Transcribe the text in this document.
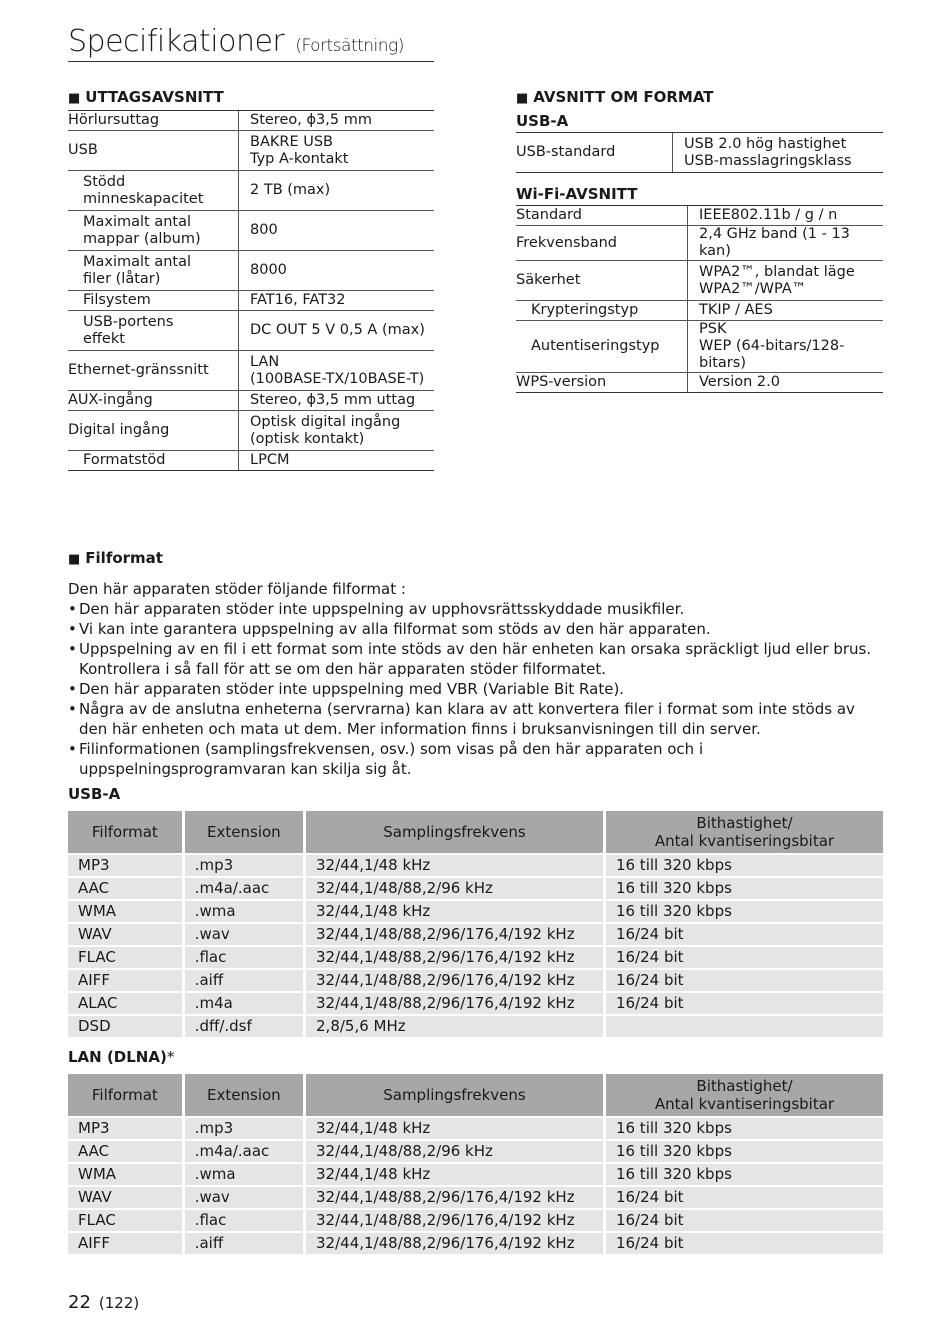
Specifikationer (Fortsättning)
■ UTTAGSAVSNITT
Hörlursuttag	Stereo, ϕ3,5 mm
USB	BAKRE USB
Typ A-kontakt
Stödd
minneskapacitet	2 TB (max)
Maximalt antal
mappar (album)	800
Maximalt antal
filer (låtar)	8000
Filsystem	FAT16, FAT32
USB-portens
effekt	DC OUT 5 V 0,5 A (max)
Ethernet-gränssnitt	LAN
(100BASE-TX/10BASE-T)
AUX-ingång	Stereo, ϕ3,5 mm uttag
Digital ingång	Optisk digital ingång
(optisk kontakt)
Formatstöd	LPCM
■ AVSNITT OM FORMAT
USB-A
USB-standard	USB 2.0 hög hastighet
USB-masslagringsklass
Wi-Fi-AVSNITT
Standard	IEEE802.11b / g / n
Frekvensband	2,4 GHz band (1 - 13 kan)
Säkerhet	WPA2™, blandat läge
WPA2™/WPA™
Krypteringstyp	TKIP / AES
Autentiseringstyp	PSK
WEP (64-bitars/128-bitars)
WPS-version	Version 2.0
■ Filformat
Den här apparaten stöder följande filformat :
• Den här apparaten stöder inte uppspelning av upphovsrättsskyddade musikfiler.
• Vi kan inte garantera uppspelning av alla filformat som stöds av den här apparaten.
• Uppspelning av en fil i ett format som inte stöds av den här enheten kan orsaka spräckligt ljud eller brus. Kontrollera i så fall för att se om den här apparaten stöder filformatet.
• Den här apparaten stöder inte uppspelning med VBR (Variable Bit Rate).
• Några av de anslutna enheterna (servrarna) kan klara av att konvertera filer i format som inte stöds av den här enheten och mata ut dem. Mer information finns i bruksanvisningen till din server.
• Filinformationen (samplingsfrekvensen, osv.) som visas på den här apparaten och i uppspelningsprogramvaran kan skilja sig åt.
USB-A
Filformat	Extension	Samplingsfrekvens	Bithastighet/
Antal kvantiseringsbitar
MP3	.mp3	32/44,1/48 kHz	16 till 320 kbps
AAC	.m4a/.aac	32/44,1/48/88,2/96 kHz	16 till 320 kbps
WMA	.wma	32/44,1/48 kHz	16 till 320 kbps
WAV	.wav	32/44,1/48/88,2/96/176,4/192 kHz	16/24 bit
FLAC	.flac	32/44,1/48/88,2/96/176,4/192 kHz	16/24 bit
AIFF	.aiff	32/44,1/48/88,2/96/176,4/192 kHz	16/24 bit
ALAC	.m4a	32/44,1/48/88,2/96/176,4/192 kHz	16/24 bit
DSD	.dff/.dsf	2,8/5,6 MHz	
LAN (DLNA)*
Filformat	Extension	Samplingsfrekvens	Bithastighet/
Antal kvantiseringsbitar
MP3	.mp3	32/44,1/48 kHz	16 till 320 kbps
AAC	.m4a/.aac	32/44,1/48/88,2/96 kHz	16 till 320 kbps
WMA	.wma	32/44,1/48 kHz	16 till 320 kbps
WAV	.wav	32/44,1/48/88,2/96/176,4/192 kHz	16/24 bit
FLAC	.flac	32/44,1/48/88,2/96/176,4/192 kHz	16/24 bit
AIFF	.aiff	32/44,1/48/88,2/96/176,4/192 kHz	16/24 bit
22 (122)
